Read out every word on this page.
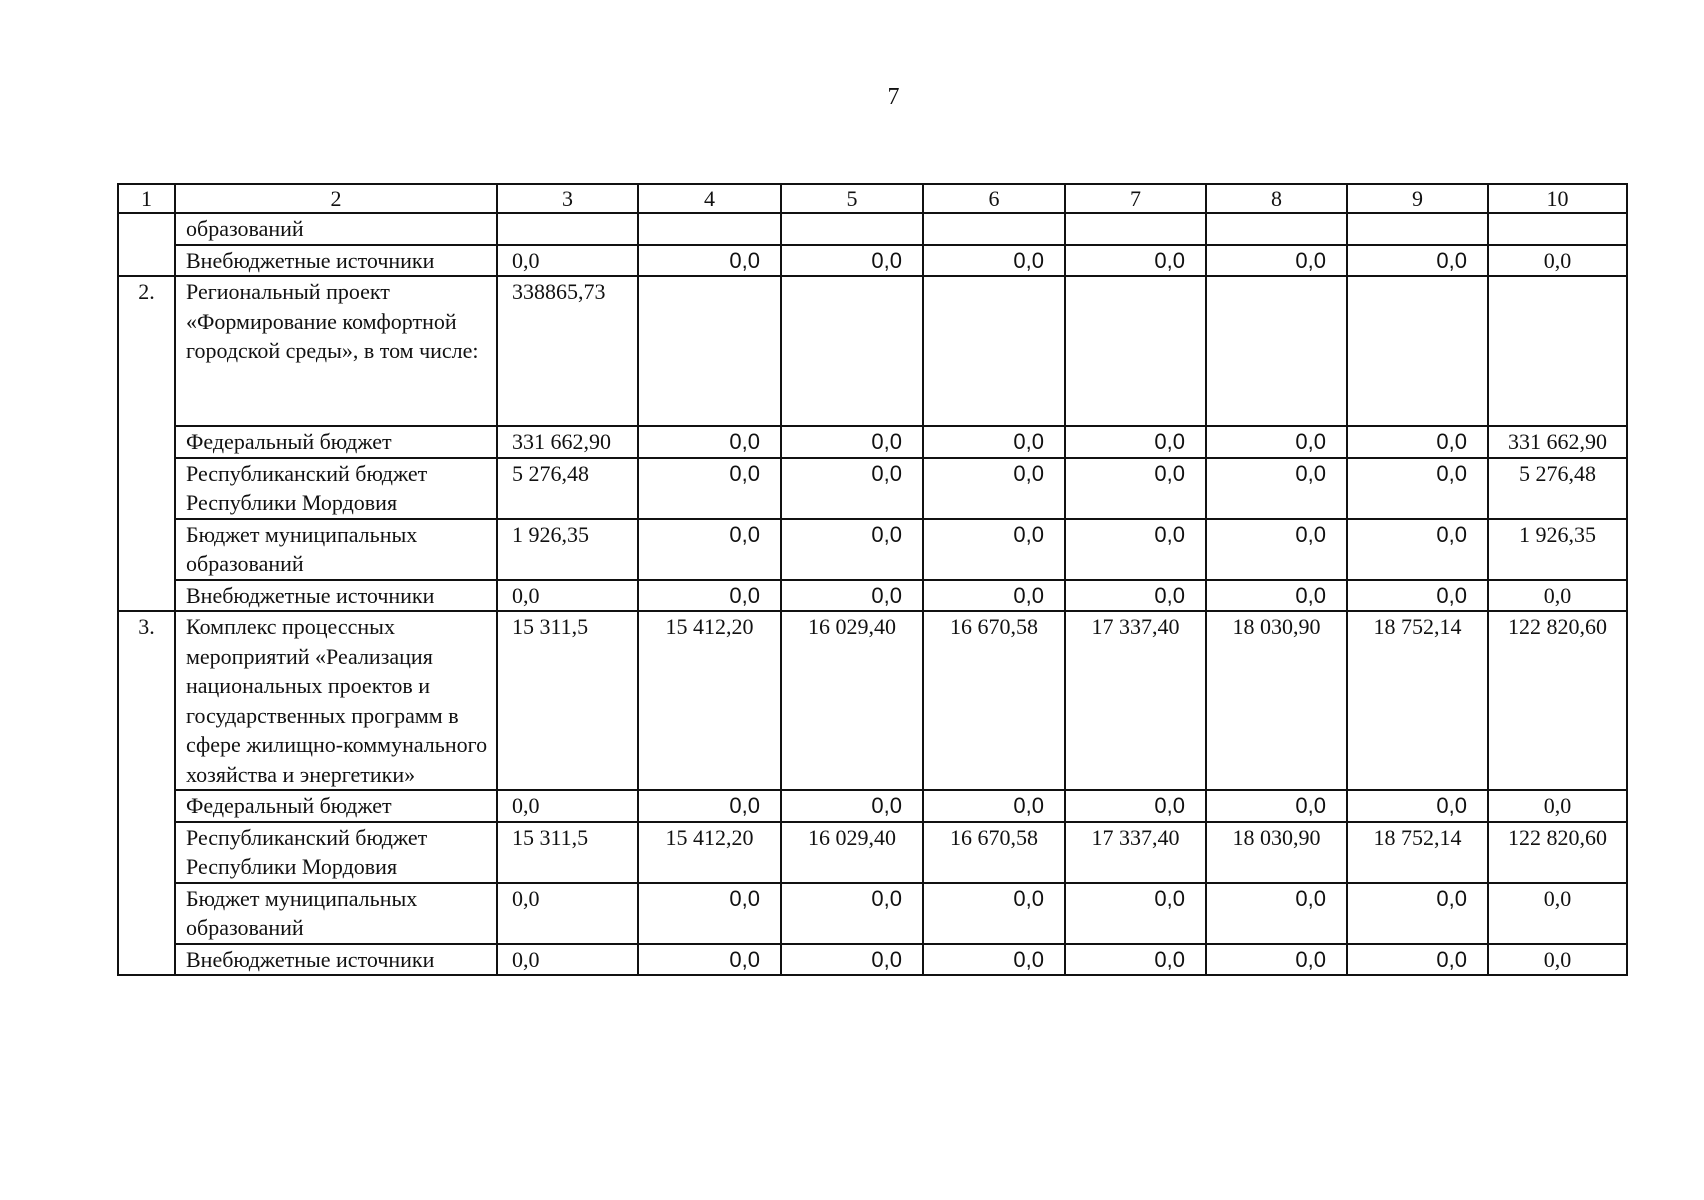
7
1	2	3	4	5	6	7	8	9	10
	образований								
	Внебюджетные источники	0,0	0,0	0,0	0,0	0,0	0,0	0,0	0,0
2.	Региональный проект «Формирование комфортной городской среды», в том числе:	338865,73							
	Федеральный бюджет	331 662,90	0,0	0,0	0,0	0,0	0,0	0,0	331 662,90
	Республиканский бюджет Республики Мордовия	5 276,48	0,0	0,0	0,0	0,0	0,0	0,0	5 276,48
	Бюджет муниципальных образований	1 926,35	0,0	0,0	0,0	0,0	0,0	0,0	1 926,35
	Внебюджетные источники	0,0	0,0	0,0	0,0	0,0	0,0	0,0	0,0
3.	Комплекс процессных мероприятий «Реализация национальных проектов и государственных программ в сфере жилищно-коммунального хозяйства и энергетики»	15 311,5	15 412,20	16 029,40	16 670,58	17 337,40	18 030,90	18 752,14	122 820,60
	Федеральный бюджет	0,0	0,0	0,0	0,0	0,0	0,0	0,0	0,0
	Республиканский бюджет Республики Мордовия	15 311,5	15 412,20	16 029,40	16 670,58	17 337,40	18 030,90	18 752,14	122 820,60
	Бюджет муниципальных образований	0,0	0,0	0,0	0,0	0,0	0,0	0,0	0,0
	Внебюджетные источники	0,0	0,0	0,0	0,0	0,0	0,0	0,0	0,0
